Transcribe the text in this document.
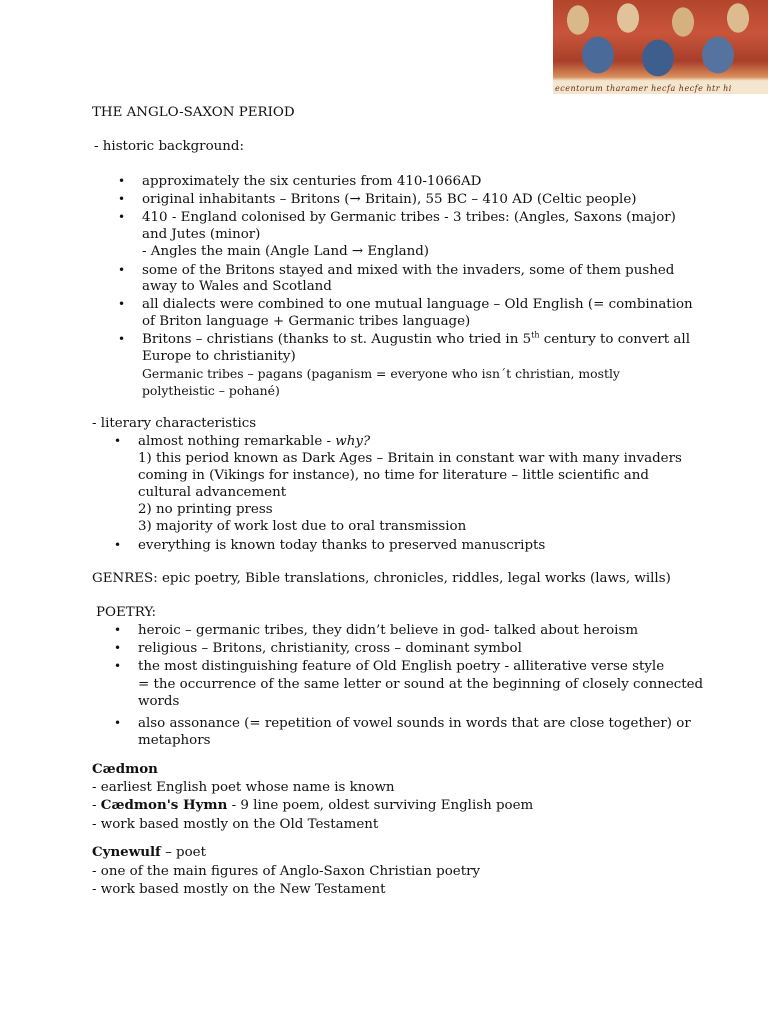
ecentorum tharamer hecfa hecfe htr hi
THE ANGLO-SAXON PERIOD
- historic background:
• approximately the six centuries from 410-1066AD
• original inhabitants – Britons (→ Britain), 55 BC – 410 AD (Celtic people)
• 410 - England colonised by Germanic tribes - 3 tribes: (Angles, Saxons (major)
and Jutes (minor)
- Angles the main (Angle Land → England)
• some of the Britons stayed and mixed with the invaders, some of them pushed
away to Wales and Scotland
• all dialects were combined to one mutual language – Old English (= combination
of Briton language + Germanic tribes language)
• Britons – christians (thanks to st. Augustin who tried in 5th century to convert all
Europe to christianity)
Germanic tribes – pagans (paganism = everyone who isn´t christian, mostly
polytheistic – pohané)
- literary characteristics
• almost nothing remarkable - why?
1) this period known as Dark Ages – Britain in constant war with many invaders
coming in (Vikings for instance), no time for literature – little scientific and
cultural advancement
2) no printing press
3) majority of work lost due to oral transmission
• everything is known today thanks to preserved manuscripts
GENRES: epic poetry, Bible translations, chronicles, riddles, legal works (laws, wills)
POETRY:
• heroic – germanic tribes, they didn’t believe in god- talked about heroism
• religious – Britons, christianity, cross – dominant symbol
• the most distinguishing feature of Old English poetry - alliterative verse style
= the occurrence of the same letter or sound at the beginning of closely connected
words
• also assonance (= repetition of vowel sounds in words that are close together) or
metaphors
Cædmon
- earliest English poet whose name is known
- Cædmon's Hymn - 9 line poem, oldest surviving English poem
- work based mostly on the Old Testament
Cynewulf – poet
- one of the main figures of Anglo-Saxon Christian poetry
- work based mostly on the New Testament
